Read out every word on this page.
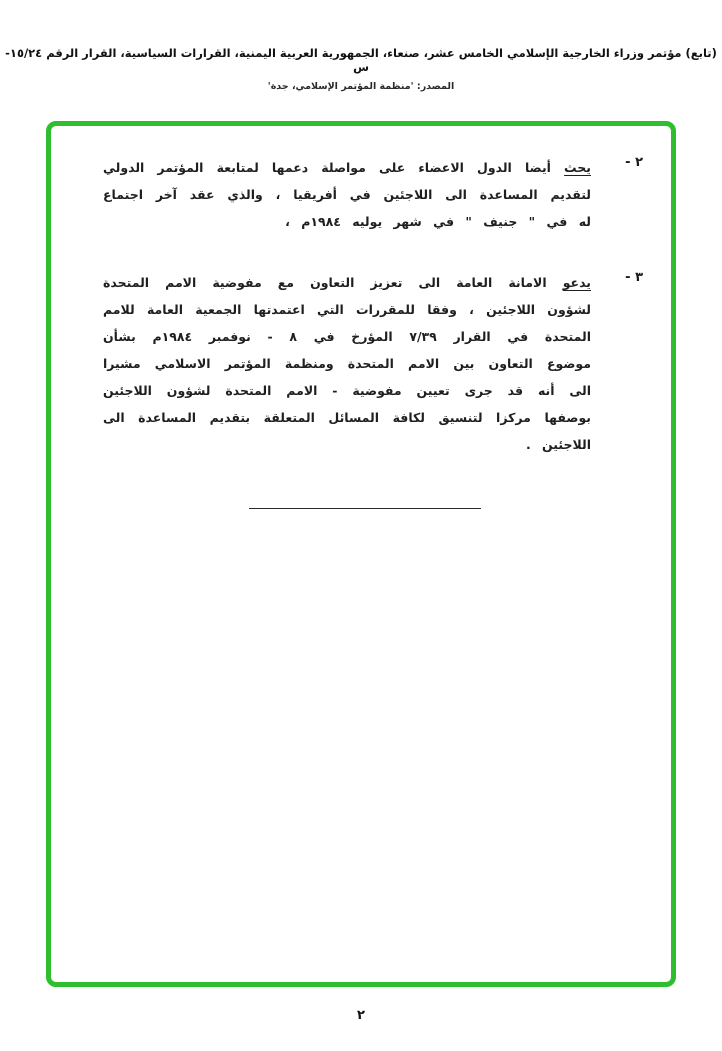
(تابع) مؤتمر وزراء الخارجية الإسلامي الخامس عشر، صنعاء، الجمهورية العربية اليمنية، القرارات السياسية، القرار الرقم ١٥/٢٤-س
المصدر: 'منظمة المؤتمر الإسلامي، جدة'
٢ -
يحث أيضا الدول الاعضاء على مواصلة دعمها لمتابعة المؤتمر الدولي لتقديم المساعدة الى اللاجئين في أفريقيا ، والذي عقد آخر اجتماع له في " جنيف " في شهر يوليه ١٩٨٤م ،
٣ -
يدعو الامانة العامة الى تعزيز التعاون مع مفوضية الامم المتحدة لشؤون اللاجئين ، وفقا للمقررات التي اعتمدتها الجمعية العامة للامم المتحدة في القرار ٧/٣٩ المؤرخ في ٨ - نوفمبر ١٩٨٤م بشأن موضوع التعاون بين الامم المتحدة ومنظمة المؤتمر الاسلامي مشيرا الى أنه قد جرى تعيين مفوضية - الامم المتحدة لشؤون اللاجئين بوصفها مركزا لتنسيق لكافة المسائل المتعلقة بتقديم المساعدة الى اللاجئين .
٢
